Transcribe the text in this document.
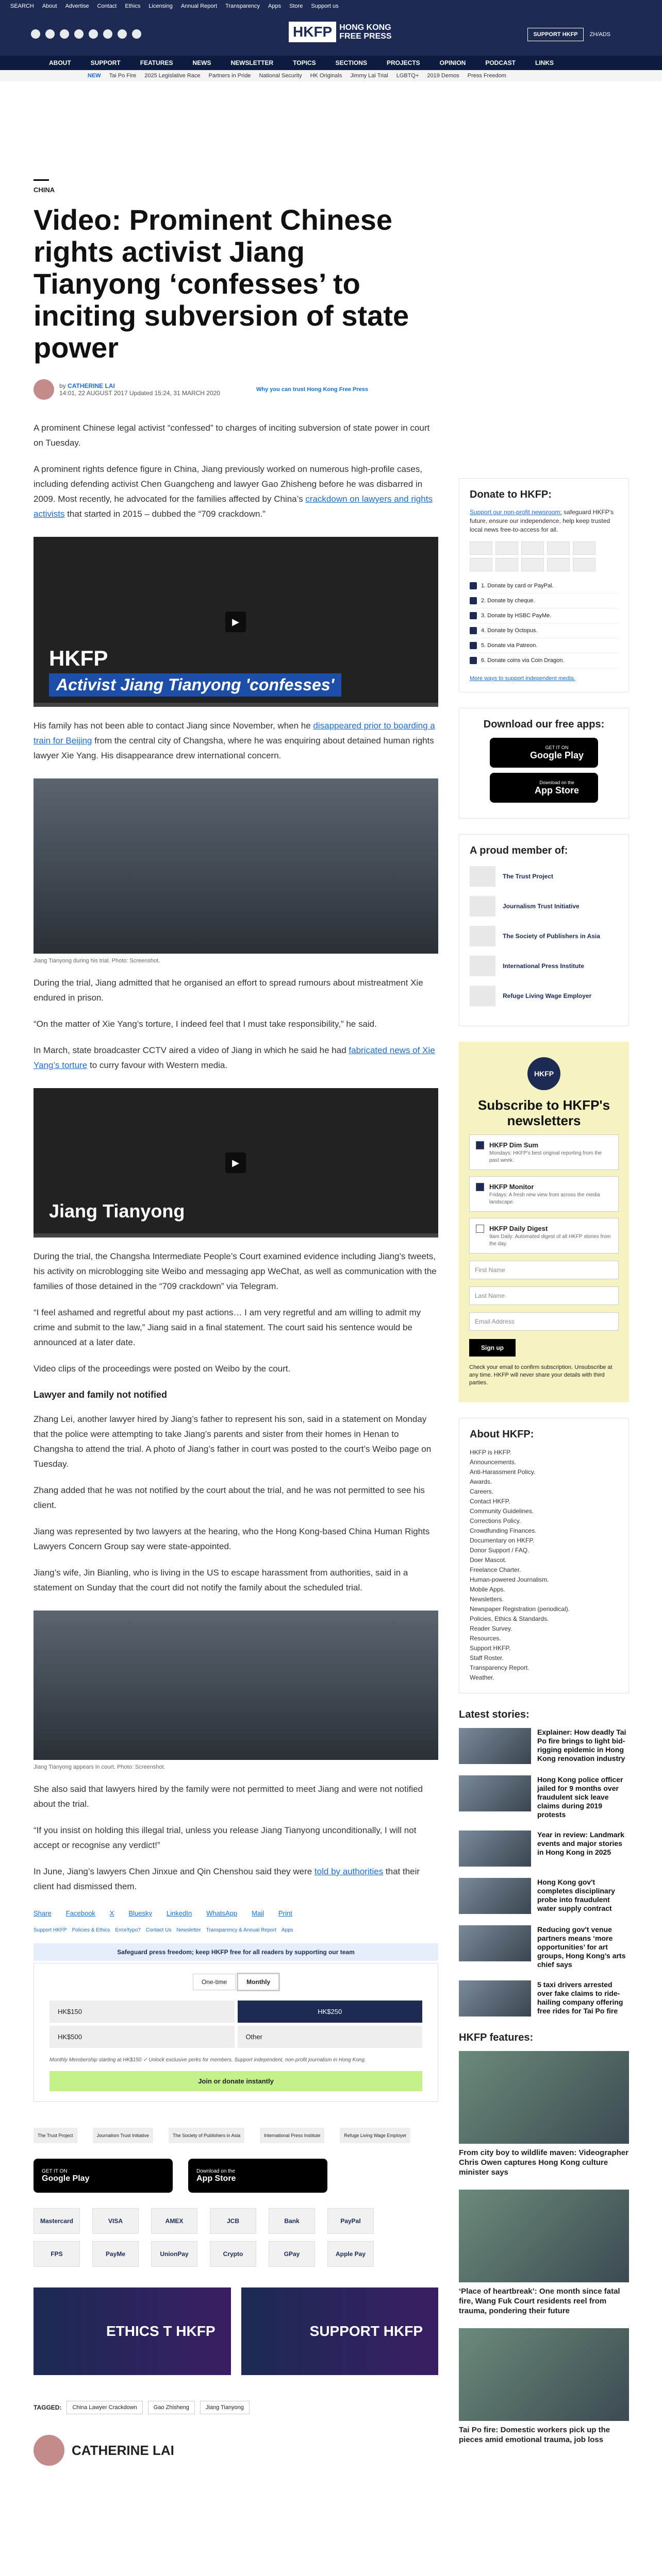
SEARCH About Advertise Contact Ethics Licensing Annual Report Transparency Apps Store Support us
HKFP HONG KONG
FREE PRESS	SUPPORT HKFP	ZH/ADS
ABOUT	SUPPORT	FEATURES	NEWS	NEWSLETTER	TOPICS	SECTIONS	PROJECTS	OPINION	PODCAST	LINKS
NEW Tai Po Fire 2025 Legislative Race Partners in Pride National Security HK Originals Jimmy Lai Trial LGBTQ+ 2019 Demos Press Freedom
CHINA
Video: Prominent Chinese rights activist Jiang Tianyong ‘confesses’ to inciting subversion of state power
by CATHERINE LAI
14:01, 22 AUGUST 2017 Updated 15:24, 31 MARCH 2020	Why you can trust Hong Kong Free Press

A prominent Chinese legal activist “confessed” to charges of inciting subversion of state power in court on Tuesday.

A prominent rights defence figure in China, Jiang previously worked on numerous high-profile cases, including defending activist Chen Guangcheng and lawyer Gao Zhisheng before he was disbarred in 2009. Most recently, he advocated for the families affected by China’s crackdown on lawyers and rights activists that started in 2015 – dubbed the “709 crackdown.”

HKFP
Activist Jiang Tianyong 'confesses'
▶

His family has not been able to contact Jiang since November, when he disappeared prior to boarding a train for Beijing from the central city of Changsha, where he was enquiring about detained human rights lawyer Xie Yang. His disappearance drew international concern.

Jiang Tianyong during his trial. Photo: Screenshot.

During the trial, Jiang admitted that he organised an effort to spread rumours about mistreatment Xie endured in prison.

“On the matter of Xie Yang’s torture, I indeed feel that I must take responsibility,” he said.

In March, state broadcaster CCTV aired a video of Jiang in which he said he had fabricated news of Xie Yang’s torture to curry favour with Western media.

Jiang Tianyong
▶

During the trial, the Changsha Intermediate People’s Court examined evidence including Jiang’s tweets, his activity on microblogging site Weibo and messaging app WeChat, as well as communication with the families of those detained in the “709 crackdown” via Telegram.

“I feel ashamed and regretful about my past actions… I am very regretful and am willing to admit my crime and submit to the law,” Jiang said in a final statement. The court said his sentence would be announced at a later date.

Video clips of the proceedings were posted on Weibo by the court.

Lawyer and family not notified

Zhang Lei, another lawyer hired by Jiang’s father to represent his son, said in a statement on Monday that the police were attempting to take Jiang’s parents and sister from their homes in Henan to Changsha to attend the trial. A photo of Jiang’s father in court was posted to the court’s Weibo page on Tuesday.

Zhang added that he was not notified by the court about the trial, and he was not permitted to see his client.

Jiang was represented by two lawyers at the hearing, who the Hong Kong-based China Human Rights Lawyers Concern Group say were state-appointed.

Jiang’s wife, Jin Bianling, who is living in the US to escape harassment from authorities, said in a statement on Sunday that the court did not notify the family about the scheduled trial.

Jiang Tianyong appears in court. Photo: Screenshot.

She also said that lawyers hired by the family were not permitted to meet Jiang and were not notified about the trial.

“If you insist on holding this illegal trial, unless you release Jiang Tianyong unconditionally, I will not accept or recognise any verdict!”

In June, Jiang’s lawyers Chen Jinxue and Qin Chenshou said they were told by authorities that their client had dismissed them.

Share Facebook X Bluesky LinkedIn WhatsApp Mail Print
Support HKFP Policies & Ethics Error/typo? Contact Us Newsletter Transparency & Annual Report Apps
Safeguard press freedom; keep HKFP free for all readers by supporting our team
One-time	Monthly
HK$150	HK$250
HK$500	Other
Monthly Membership starting at HK$150 ✓ Unlock exclusive perks for members. Support independent, non-profit journalism in Hong Kong.
Join or donate instantly
The Trust Project	Journalism Trust Initiative	The Society of Publishers in Asia	International Press Institute	Refuge Living Wage Employer
GET IT ON
Google Play
Download on the
App Store
Mastercard	VISA	AMEX	JCB	Bank	PayPal
FPS	PayMe	UnionPay	Crypto	GPay	Apple Pay
ETHICS T HKFP	SUPPORT HKFP
TAGGED:	China Lawyer Crackdown	Gao Zhisheng	Jiang Tianyong
CATHERINE LAI
Donate to HKFP:
Support our non-profit newsroom: safeguard HKFP's future, ensure our independence, help keep trusted local news free-to-access for all.
1. Donate by card or PayPal.
2. Donate by cheque.
3. Donate by HSBC PayMe.
4. Donate by Octopus.
5. Donate via Patreon.
6. Donate coins via Coin Dragon.
More ways to support independent media.
Download our free apps:
GET IT ON
Google Play
Download on the
App Store
A proud member of:
The Trust Project
Journalism Trust Initiative
The Society of Publishers in Asia
International Press Institute
Refuge Living Wage Employer
HKFP
Subscribe to HKFP's newsletters
HKFP Dim Sum
Mondays: HKFP's best original reporting from the past week.
HKFP Monitor
Fridays: A fresh new view from across the media landscape.
HKFP Daily Digest
9am Daily: Automated digest of all HKFP stories from the day.
First Name
Last Name
Email Address
Sign up
Check your email to confirm subscription. Unsubscribe at any time. HKFP will never share your details with third parties.
About HKFP:
HKFP is HKFP.
Announcements.
Anti-Harassment Policy.
Awards.
Careers.
Contact HKFP.
Community Guidelines.
Corrections Policy.
Crowdfunding Finances.
Documentary on HKFP.
Donor Support / FAQ.
Doer Mascot.
Freelance Charter.
Human-powered Journalism.
Mobile Apps.
Newsletters.
Newspaper Registration (periodical).
Policies, Ethics & Standards.
Reader Survey.
Resources.
Support HKFP.
Staff Roster.
Transparency Report.
Weather.
Latest stories:
Explainer: How deadly Tai Po fire brings to light bid-rigging epidemic in Hong Kong renovation industry
Hong Kong police officer jailed for 9 months over fraudulent sick leave claims during 2019 protests
Year in review: Landmark events and major stories in Hong Kong in 2025
Hong Kong gov't completes disciplinary probe into fraudulent water supply contract
Reducing gov't venue partners means ‘more opportunities’ for art groups, Hong Kong’s arts chief says
5 taxi drivers arrested over fake claims to ride-hailing company offering free rides for Tai Po fire
HKFP features:
From city boy to wildlife maven: Videographer Chris Owen captures Hong Kong culture minister says
‘Place of heartbreak’: One month since fatal fire, Wang Fuk Court residents reel from trauma, pondering their future
Tai Po fire: Domestic workers pick up the pieces amid emotional trauma, job loss
